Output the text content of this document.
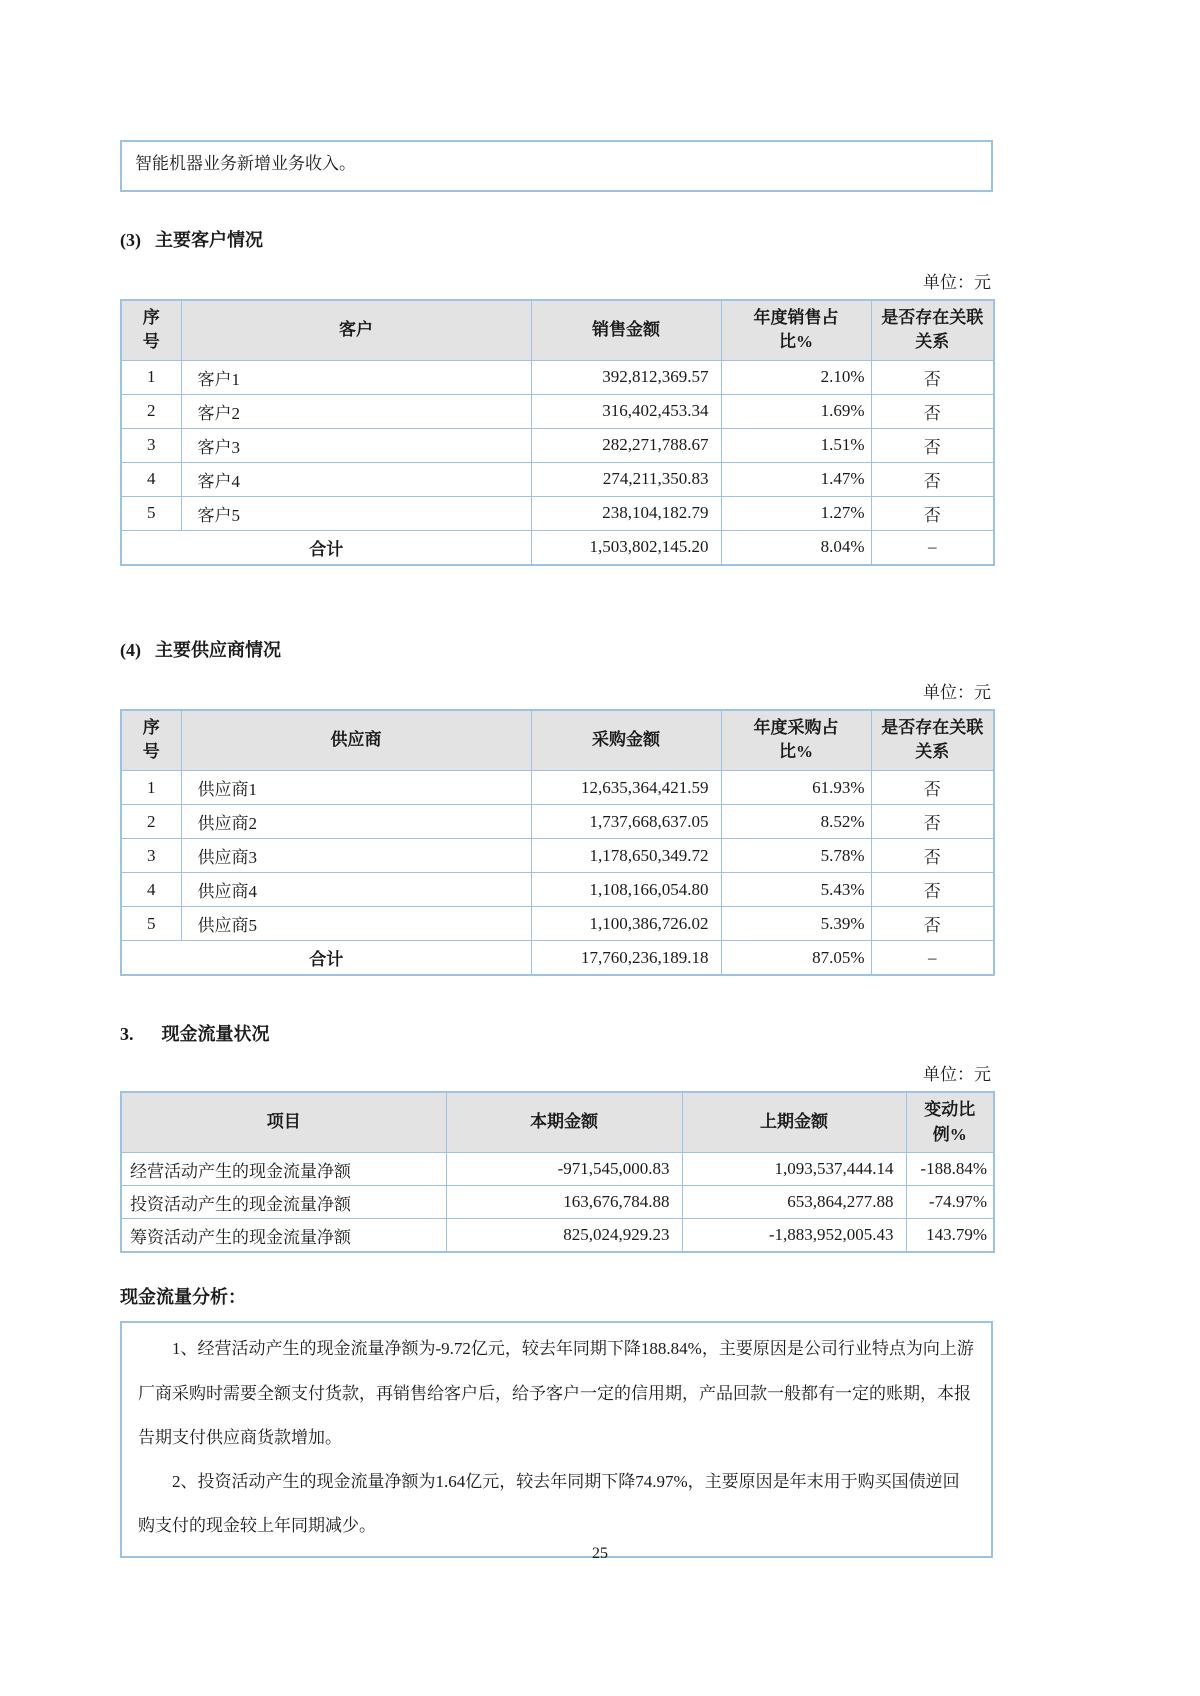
智能机器业务新增业务收入。
(3) 主要客户情况
单位：元
序号	客户	销售金额	年度销售占比%	是否存在关联关系
1	客户1	392,812,369.57	2.10%	否
2	客户2	316,402,453.34	1.69%	否
3	客户3	282,271,788.67	1.51%	否
4	客户4	274,211,350.83	1.47%	否
5	客户5	238,104,182.79	1.27%	否
合计		1,503,802,145.20	8.04%	–
(4) 主要供应商情况
单位：元
序号	供应商	采购金额	年度采购占比%	是否存在关联关系
1	供应商1	12,635,364,421.59	61.93%	否
2	供应商2	1,737,668,637.05	8.52%	否
3	供应商3	1,178,650,349.72	5.78%	否
4	供应商4	1,108,166,054.80	5.43%	否
5	供应商5	1,100,386,726.02	5.39%	否
合计		17,760,236,189.18	87.05%	–
3. 现金流量状况
单位：元
项目	本期金额	上期金额	变动比例%
经营活动产生的现金流量净额	-971,545,000.83	1,093,537,444.14	-188.84%
投资活动产生的现金流量净额	163,676,784.88	653,864,277.88	-74.97%
筹资活动产生的现金流量净额	825,024,929.23	-1,883,952,005.43	143.79%
现金流量分析：

1、经营活动产生的现金流量净额为-9.72亿元，较去年同期下降188.84%，主要原因是公司行业特点为向上游厂商采购时需要全额支付货款，再销售给客户后，给予客户一定的信用期，产品回款一般都有一定的账期，本报告期支付供应商货款增加。

2、投资活动产生的现金流量净额为1.64亿元，较去年同期下降74.97%，主要原因是年末用于购买国债逆回购支付的现金较上年同期减少。

25
